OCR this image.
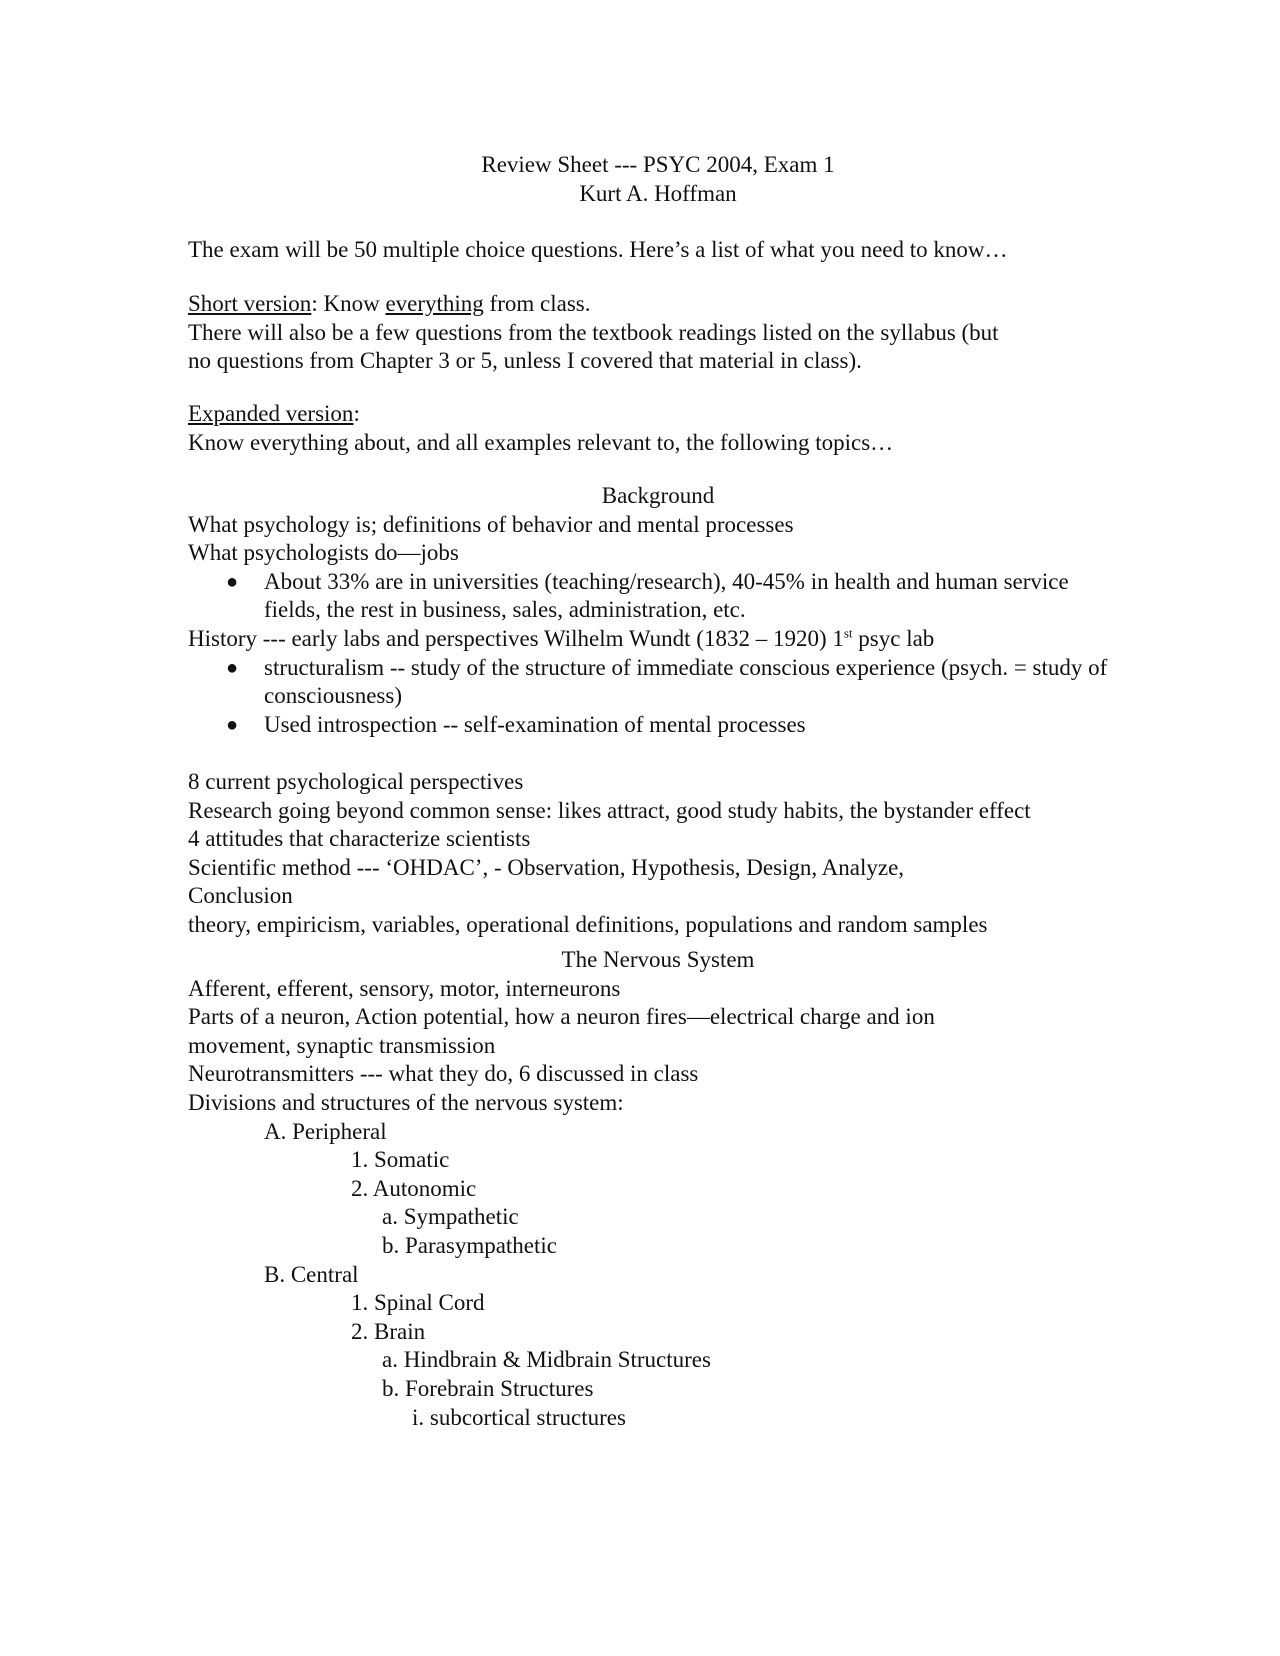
Review Sheet --- PSYC 2004, Exam 1
Kurt A. Hoffman
The exam will be 50 multiple choice questions. Here’s a list of what you need to know…
Short version: Know everything from class.
There will also be a few questions from the textbook readings listed on the syllabus (but
no questions from Chapter 3 or 5, unless I covered that material in class).
Expanded version:
Know everything about, and all examples relevant to, the following topics…
Background
What psychology is; definitions of behavior and mental processes
What psychologists do—jobs
● About 33% are in universities (teaching/research), 40-45% in health and human service fields, the rest in business, sales, administration, etc.
History --- early labs and perspectives Wilhelm Wundt (1832 – 1920) 1st psyc lab
● structuralism -- study of the structure of immediate conscious experience (psych. = study of consciousness)
● Used introspection -- self-examination of mental processes
8 current psychological perspectives
Research going beyond common sense: likes attract, good study habits, the bystander effect
4 attitudes that characterize scientists
Scientific method --- ‘OHDAC’, - Observation, Hypothesis, Design, Analyze,
Conclusion
theory, empiricism, variables, operational definitions, populations and random samples
The Nervous System
Afferent, efferent, sensory, motor, interneurons
Parts of a neuron, Action potential, how a neuron fires—electrical charge and ion
movement, synaptic transmission
Neurotransmitters --- what they do, 6 discussed in class
Divisions and structures of the nervous system:
A. Peripheral
1. Somatic
2. Autonomic
a. Sympathetic
b. Parasympathetic
B. Central
1. Spinal Cord
2. Brain
a. Hindbrain & Midbrain Structures
b. Forebrain Structures
i. subcortical structures
